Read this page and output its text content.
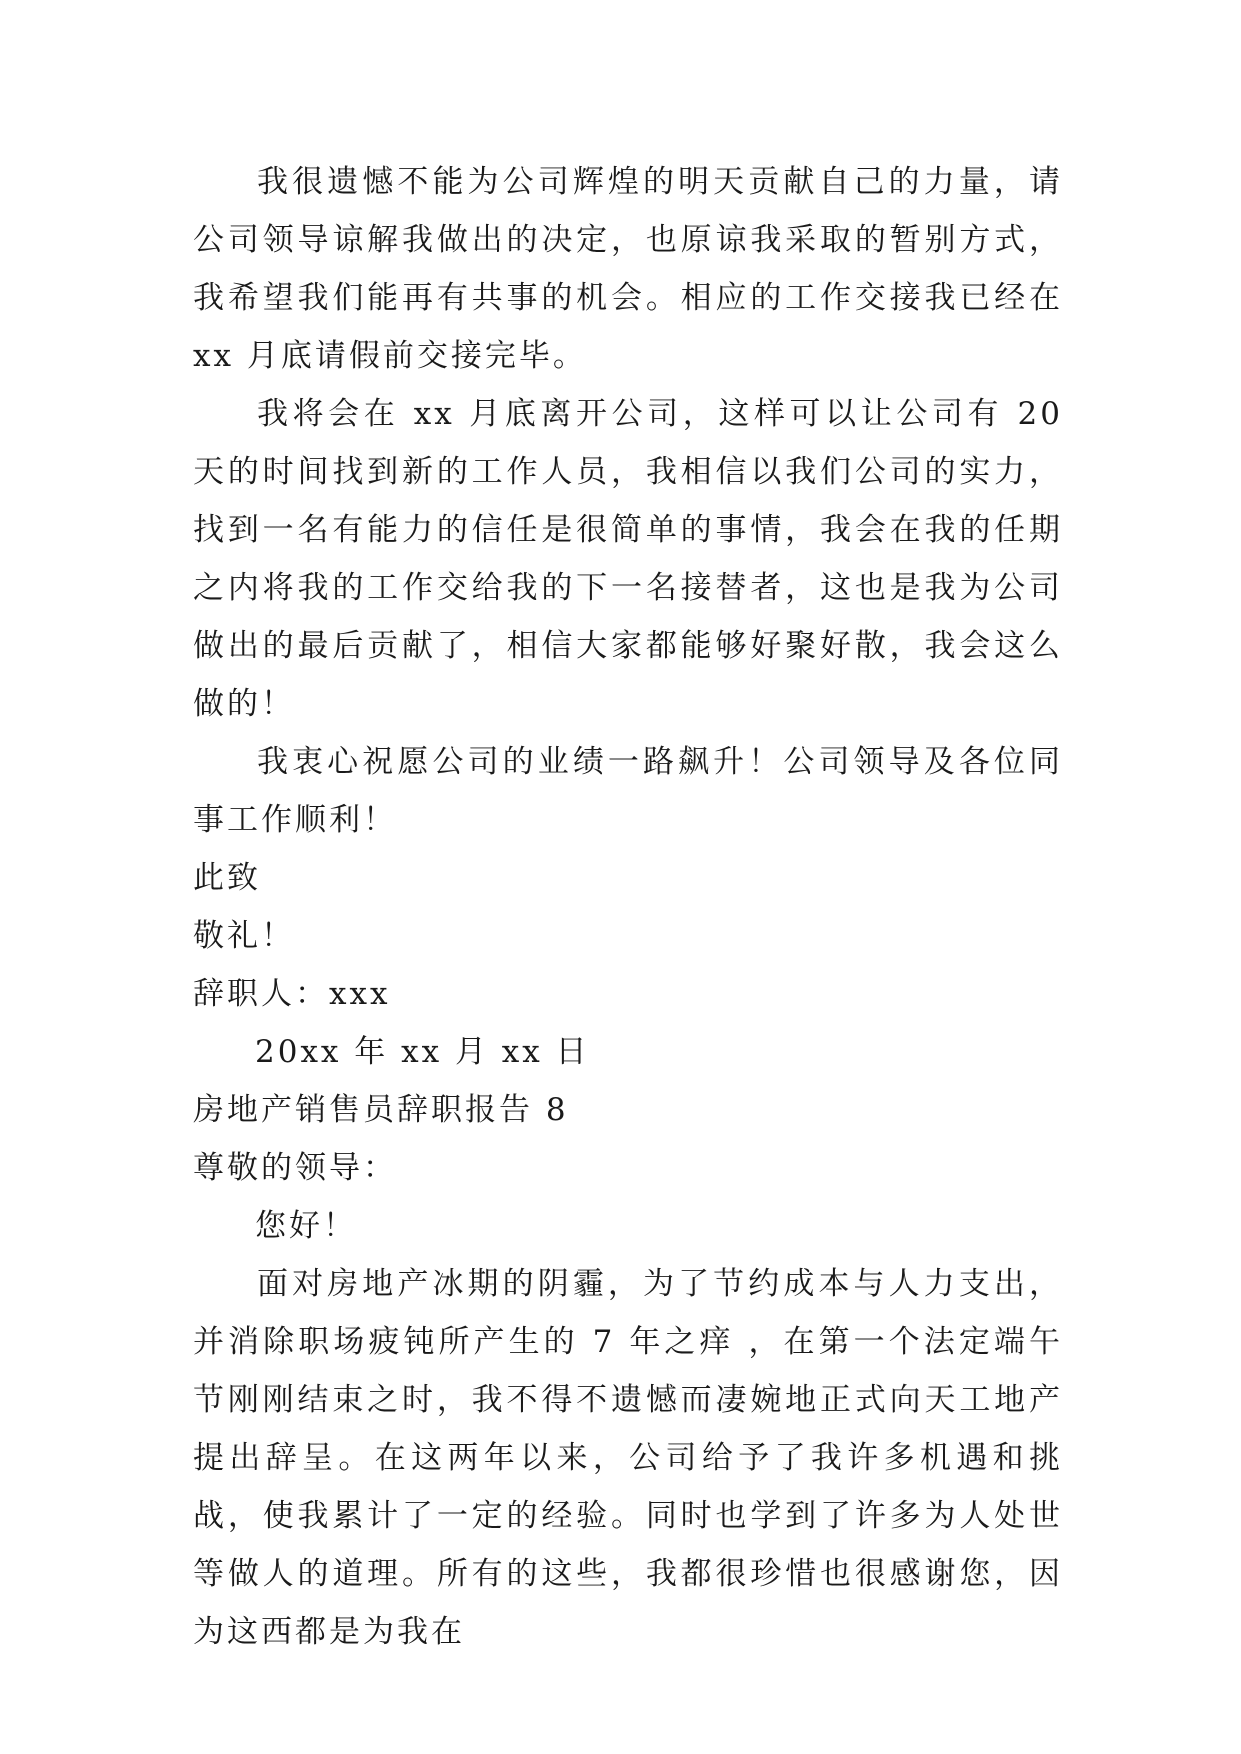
我很遗憾不能为公司辉煌的明天贡献自己的力量，请公司领导谅解我做出的决定，也原谅我采取的暂别方式，我希望我们能再有共事的机会。相应的工作交接我已经在 xx 月底请假前交接完毕。

我将会在 xx 月底离开公司，这样可以让公司有 20 天的时间找到新的工作人员，我相信以我们公司的实力，找到一名有能力的信任是很简单的事情，我会在我的任期之内将我的工作交给我的下一名接替者，这也是我为公司做出的最后贡献了，相信大家都能够好聚好散，我会这么做的！

我衷心祝愿公司的业绩一路飙升！公司领导及各位同事工作顺利！

此致

敬礼！

辞职人：xxx

20xx 年 xx 月 xx 日

房地产销售员辞职报告 8

尊敬的领导：

您好！

面对房地产冰期的阴霾，为了节约成本与人力支出，并消除职场疲钝所产生的 7 年之痒 ，在第一个法定端午节刚刚结束之时，我不得不遗憾而凄婉地正式向天工地产提出辞呈。在这两年以来，公司给予了我许多机遇和挑战，使我累计了一定的经验。同时也学到了许多为人处世等做人的道理。所有的这些，我都很珍惜也很感谢您，因为这西都是为我在
